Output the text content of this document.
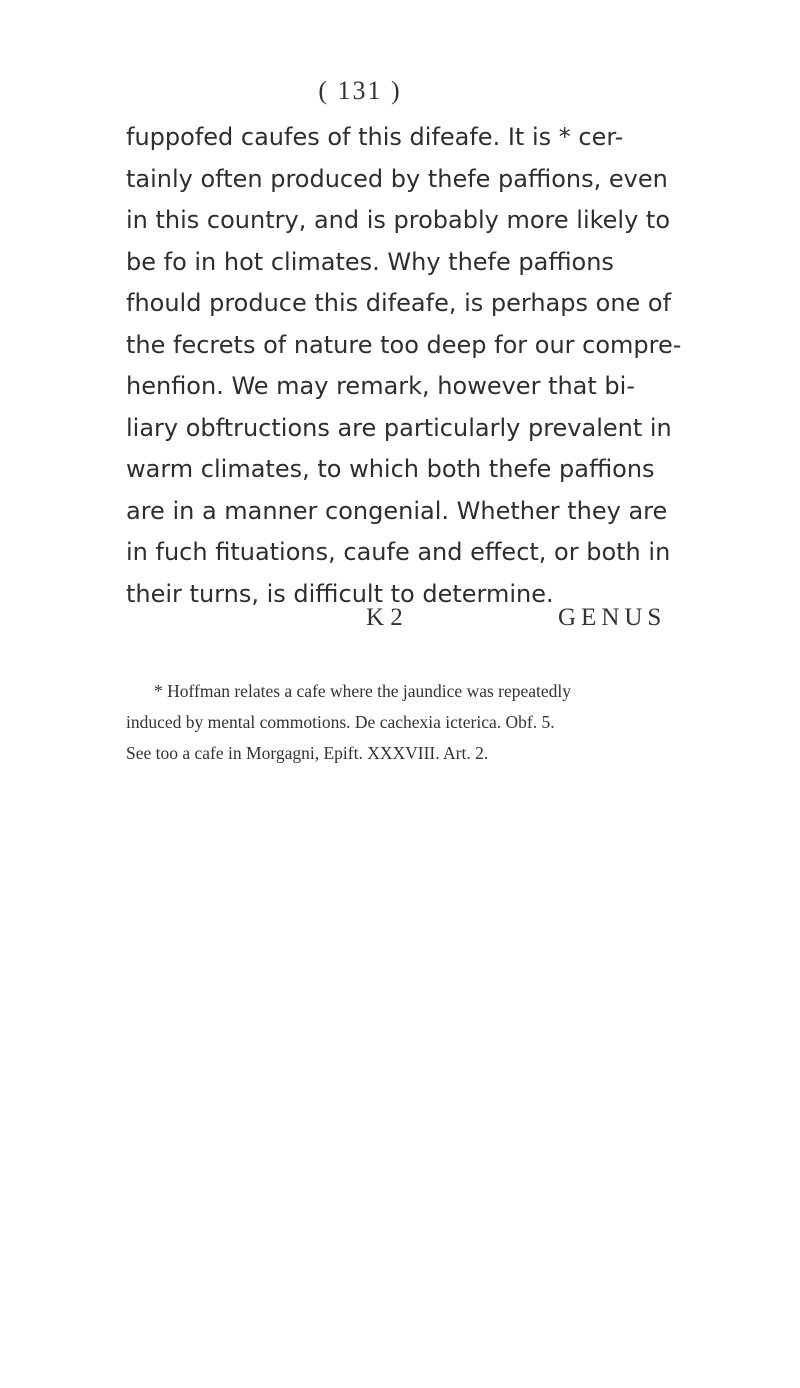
( 131 )
fuppofed caufes of this difeafe. It is * cer-
tainly often produced by thefe paffions, even
in this country, and is probably more likely to
be fo in hot climates. Why thefe paffions
fhould produce this difeafe, is perhaps one of
the fecrets of nature too deep for our compre-
henfion. We may remark, however that bi-
liary obftructions are particularly prevalent in
warm climates, to which both thefe paffions
are in a manner congenial. Whether they are
in fuch fituations, caufe and effect, or both in
their turns, is difficult to determine.
K 2	GENUS
* Hoffman relates a cafe where the jaundice was repeatedly
induced by mental commotions. De cachexia icterica. Obf. 5.
See too a cafe in Morgagni, Epift. XXXVIII. Art. 2.
